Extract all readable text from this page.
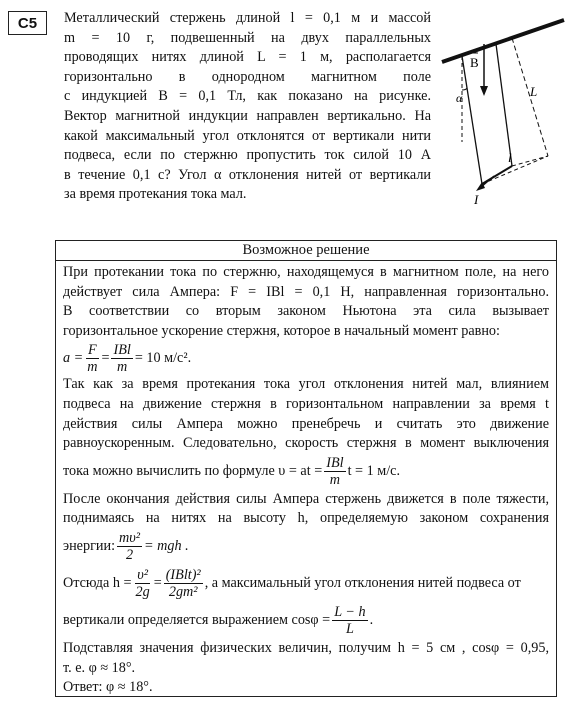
С5	Металлический стержень длиной l = 0,1 м и массой
m = 10 г, подвешенный на двух параллельных
проводящих нитях длиной L = 1 м, располагается
горизонтально в однородном магнитном поле
с индукцией B = 0,1 Тл, как показано на рисунке.
Вектор магнитной индукции направлен вертикально. На
какой максимальный угол отклонятся от вертикали нити
подвеса, если по стержню пропустить ток силой 10 А
в течение 0,1 с? Угол α отклонения нитей от вертикали
за время протекания тока мал.
B
α	L
l
I
Возможное решение
При протекании тока по стержню, находящемуся в магнитном поле, на него
действует сила Ампера: F = IBl = 0,1 Н, направленная горизонтально.
В соответствии со вторым законом Ньютона эта сила вызывает
горизонтальное ускорение стержня, которое в начальный момент равно:
$a = \frac{F}{m} = \frac{\text{IBl}}{m} = 10$ м/с².
Так как за время протекания тока угол отклонения нитей мал, влиянием
подвеса на движение стержня в горизонтальном направлении за время t
действия силы Ампера можно пренебречь и считать это движение
равноускоренным. Следовательно, скорость стержня в момент выключения
тока можно вычислить по формуле υ = at = $\frac{\text{IBl}}{m}$ t = 1 м/с.
После окончания действия силы Ампера стержень движется в поле тяжести,
поднимаясь на нитях на высоту h, определяемую законом сохранения
энергии: $\frac{\text{mυ²}}{2}$ = mgh .
Отсюда $h = \frac{\text{υ²}}{2g} = \frac{\text{(IBlt)²}}{\text{2gm²}}$ , а максимальный угол отклонения нитей подвеса от
вертикали определяется выражением $\cos\varphi = \frac{L - h}{L}$ .
Подставляя значения физических величин, получим h = 5 см , cosφ = 0,95,
т. е. φ ≈ 18°.
Ответ: φ ≈ 18°.
